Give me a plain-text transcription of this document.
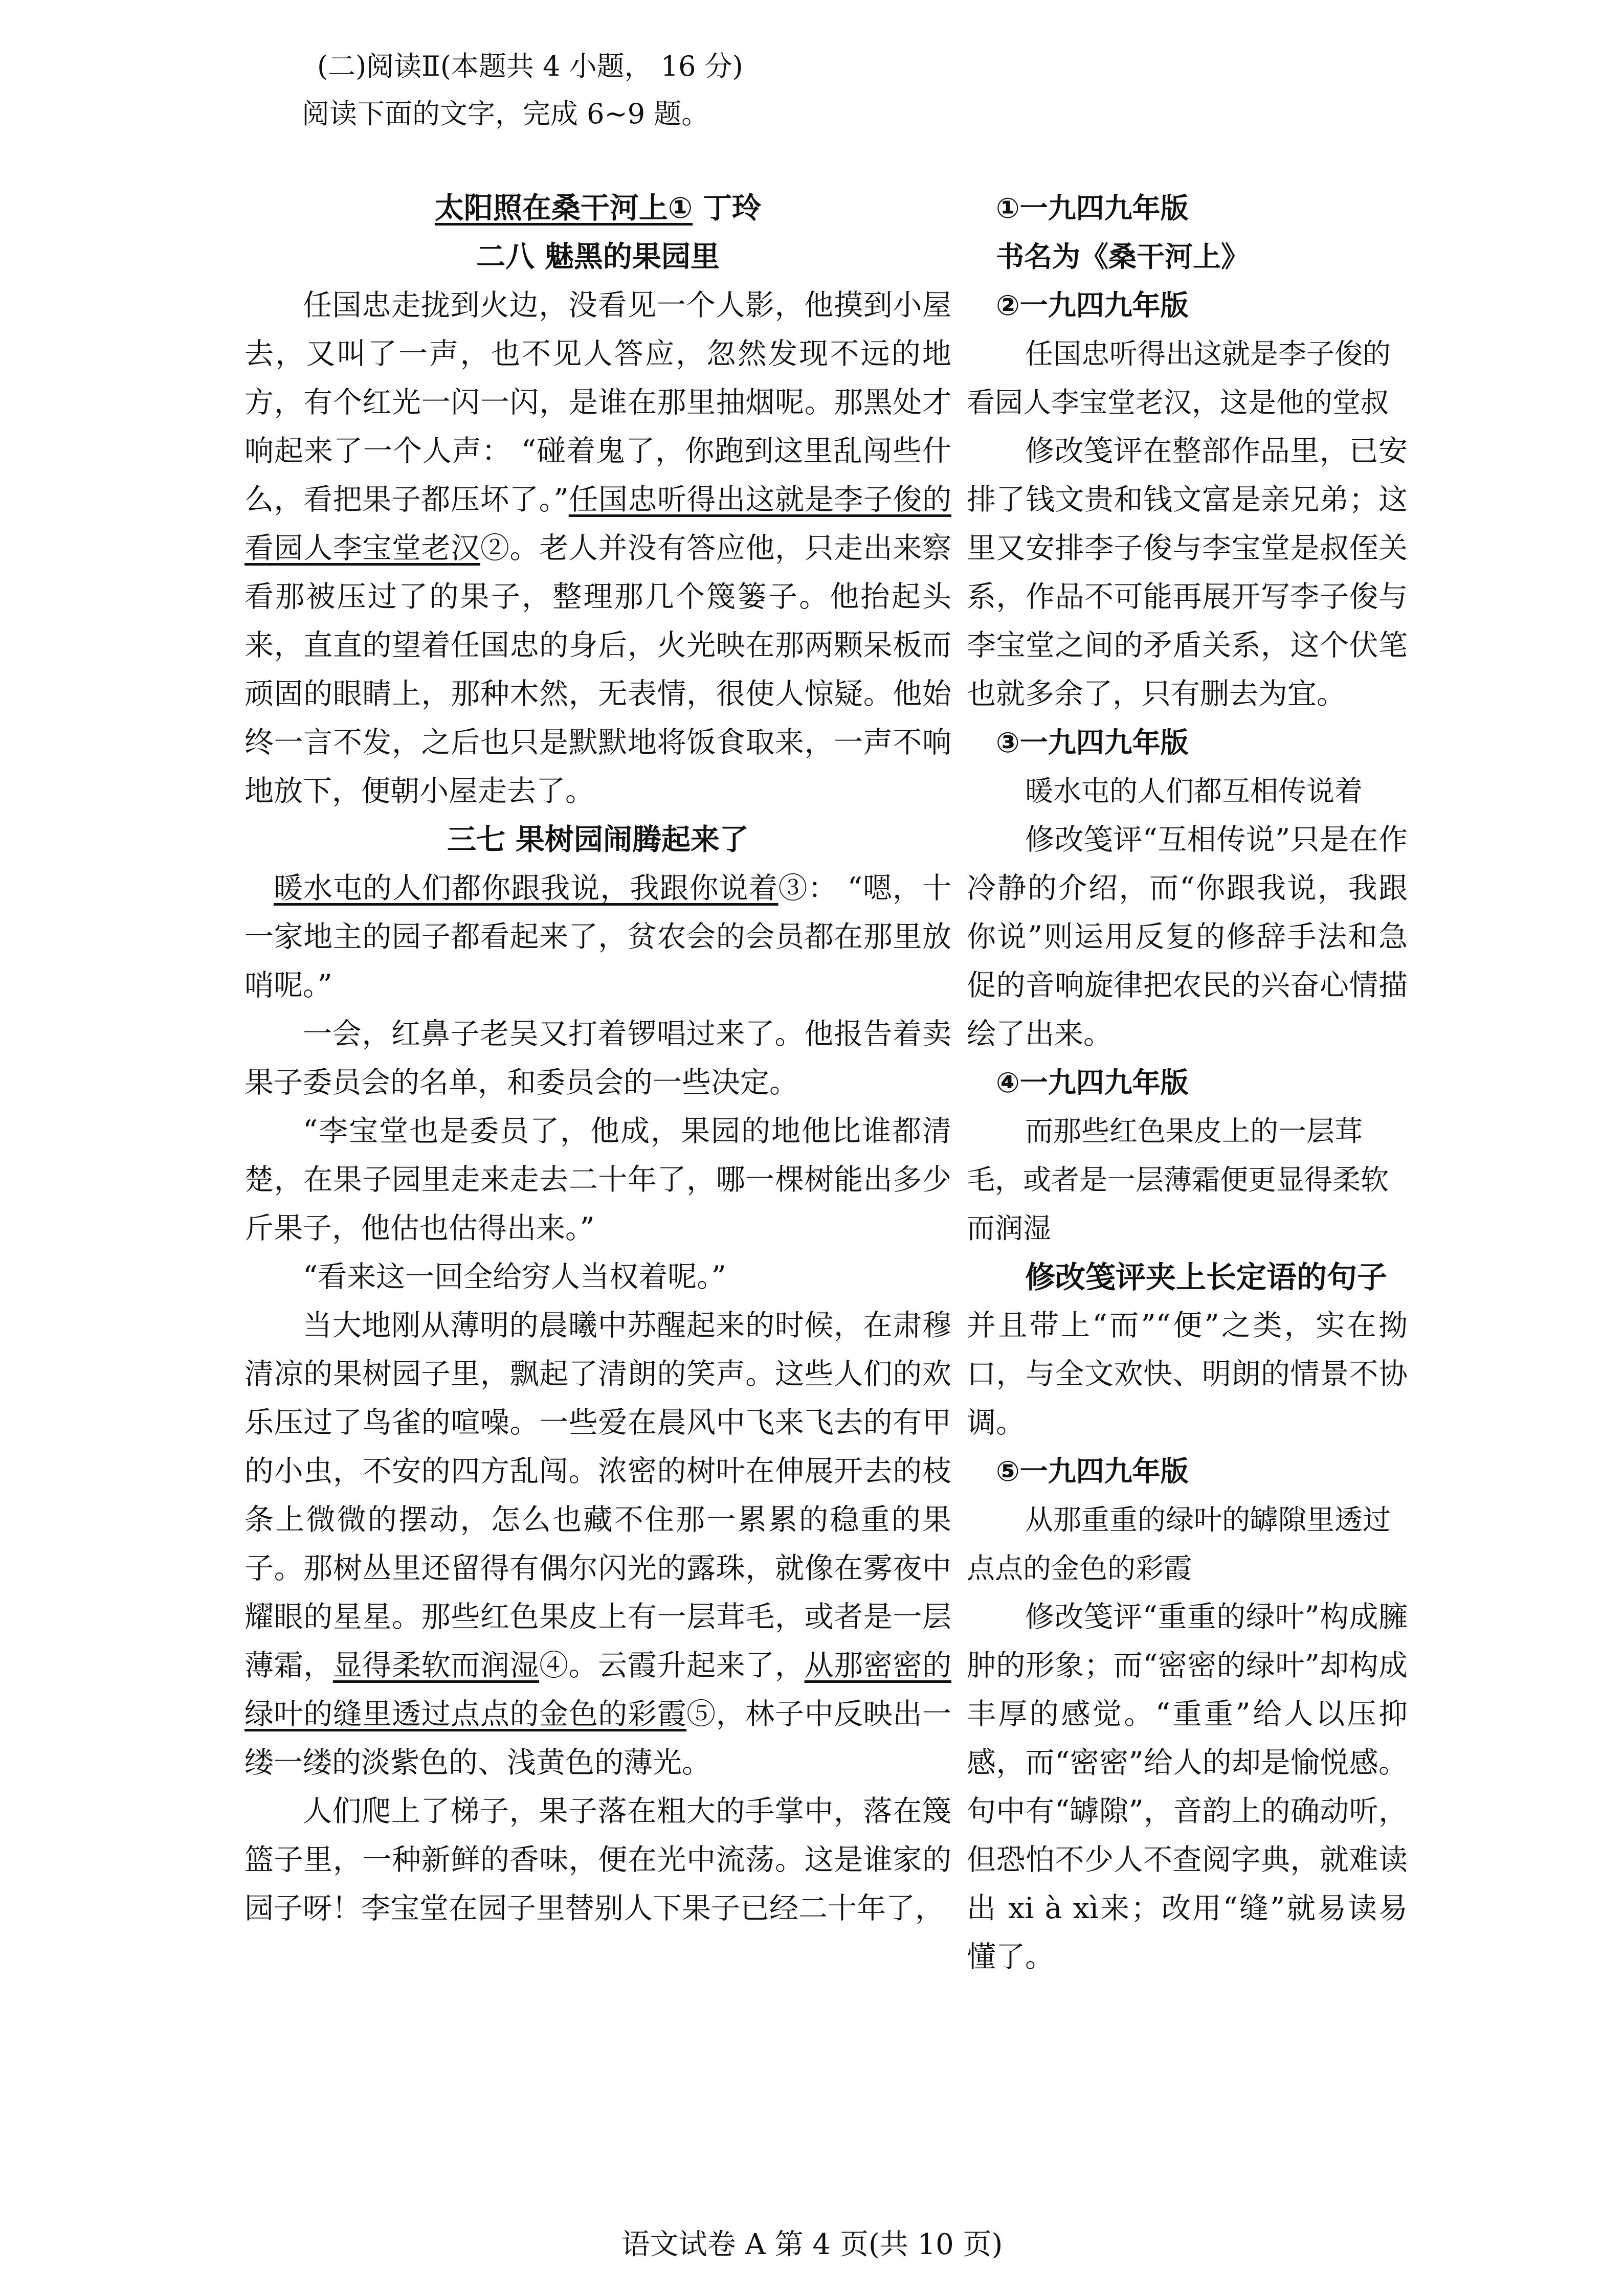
(二)阅读Ⅱ(本题共 4 小题， 16 分)
阅读下面的文字，完成 6~9 题。

太阳照在桑干河上① 丁玲

二八 魅黑的果园里

任国忠走拢到火边，没看见一个人影，他摸到小屋去，又叫了一声，也不见人答应，忽然发现不远的地方，有个红光一闪一闪，是谁在那里抽烟呢。那黑处才响起来了一个人声： “碰着鬼了，你跑到这里乱闯些什么，看把果子都压坏了。”任国忠听得出这就是李子俊的看园人李宝堂老汉②。老人并没有答应他，只走出来察看那被压过了的果子，整理那几个篾篓子。他抬起头来，直直的望着任国忠的身后，火光映在那两颗呆板而顽固的眼睛上，那种木然，无表情，很使人惊疑。他始终一言不发，之后也只是默默地将饭食取来，一声不响地放下，便朝小屋走去了。

三七 果树园闹腾起来了

暖水屯的人们都你跟我说，我跟你说着③： “嗯，十一家地主的园子都看起来了，贫农会的会员都在那里放哨呢。”

一会，红鼻子老吴又打着锣唱过来了。他报告着卖果子委员会的名单，和委员会的一些决定。

“李宝堂也是委员了，他成，果园的地他比谁都清楚，在果子园里走来走去二十年了，哪一棵树能出多少斤果子，他估也估得出来。”

“看来这一回全给穷人当权着呢。”

当大地刚从薄明的晨曦中苏醒起来的时候，在肃穆清凉的果树园子里，飘起了清朗的笑声。这些人们的欢乐压过了鸟雀的喧噪。一些爱在晨风中飞来飞去的有甲的小虫，不安的四方乱闯。浓密的树叶在伸展开去的枝条上微微的摆动，怎么也藏不住那一累累的稳重的果子。那树丛里还留得有偶尔闪光的露珠，就像在雾夜中耀眼的星星。那些红色果皮上有一层茸毛，或者是一层薄霜，显得柔软而润湿④。云霞升起来了，从那密密的绿叶的缝里透过点点的金色的彩霞⑤，林子中反映出一缕一缕的淡紫色的、浅黄色的薄光。

人们爬上了梯子，果子落在粗大的手掌中，落在篾篮子里，一种新鲜的香味，便在光中流荡。这是谁家的园子呀！李宝堂在园子里替别人下果子已经二十年了，

①一九四九年版

书名为《桑干河上》

②一九四九年版

任国忠听得出这就是李子俊的看园人李宝堂老汉，这是他的堂叔

修改笺评在整部作品里，已安排了钱文贵和钱文富是亲兄弟；这里又安排李子俊与李宝堂是叔侄关系，作品不可能再展开写李子俊与李宝堂之间的矛盾关系，这个伏笔也就多余了，只有删去为宜。

③一九四九年版

暖水屯的人们都互相传说着

修改笺评“互相传说”只是在作冷静的介绍，而“你跟我说，我跟你说”则运用反复的修辞手法和急促的音响旋律把农民的兴奋心情描绘了出来。

④一九四九年版

而那些红色果皮上的一层茸毛，或者是一层薄霜便更显得柔软而润湿

修改笺评夹上长定语的句子

并且带上“而”“便”之类，实在拗口，与全文欢快、明朗的情景不协调。

⑤一九四九年版

从那重重的绿叶的罅隙里透过点点的金色的彩霞

修改笺评“重重的绿叶”构成臃肿的形象；而“密密的绿叶”却构成丰厚的感觉。“重重”给人以压抑感，而“密密”给人的却是愉悦感。句中有“罅隙”，音韵上的确动听，但恐怕不少人不查阅字典，就难读出 xi à xì来；改用“缝”就易读易懂了。

语文试卷 A 第 4 页(共 10 页)
